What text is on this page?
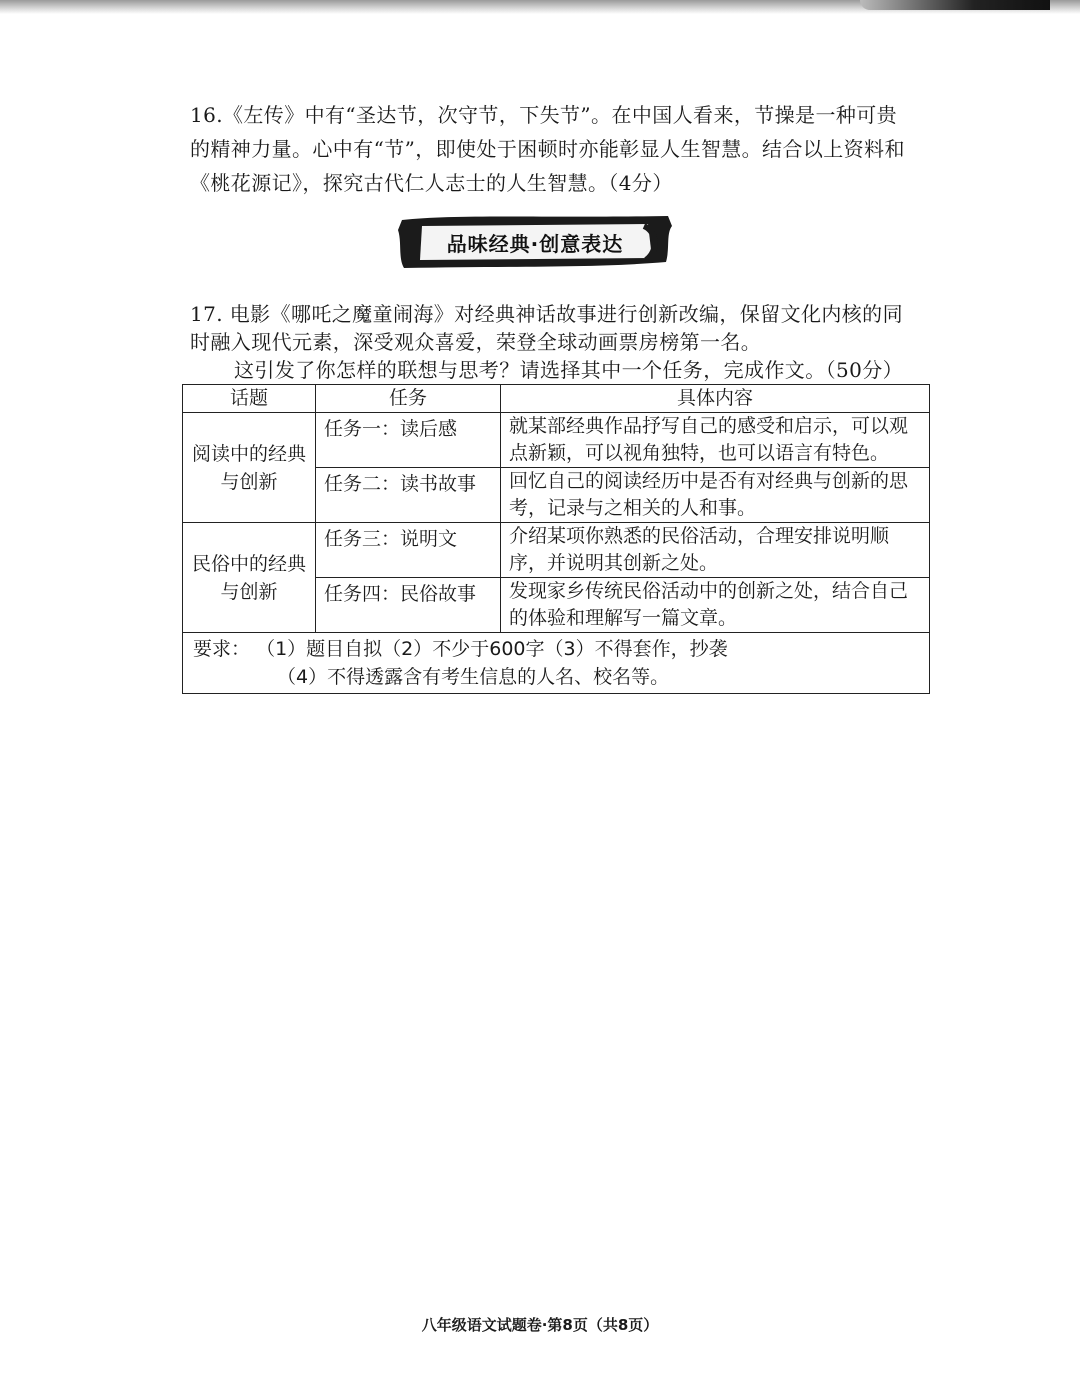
16.《左传》中有“圣达节，次守节，下失节”。在中国人看来，节操是一种可贵的精神力量。心中有“节”，即使处于困顿时亦能彰显人生智慧。结合以上资料和《桃花源记》，探究古代仁人志士的人生智慧。（4分）
品味经典·创意表达
17. 电影《哪吒之魔童闹海》对经典神话故事进行创新改编，保留文化内核的同时融入现代元素，深受观众喜爱，荣登全球动画票房榜第一名。
这引发了你怎样的联想与思考？请选择其中一个任务，完成作文。（50分）
话题	任务	具体内容
阅读中的经典与创新	任务一：读后感	就某部经典作品抒写自己的感受和启示，可以观点新颖，可以视角独特，也可以语言有特色。
	任务二：读书故事	回忆自己的阅读经历中是否有对经典与创新的思考，记录与之相关的人和事。
民俗中的经典与创新	任务三：说明文	介绍某项你熟悉的民俗活动，合理安排说明顺序，并说明其创新之处。
	任务四：民俗故事	发现家乡传统民俗活动中的创新之处，结合自己的体验和理解写一篇文章。
要求： （1）题目自拟（2）不少于600字（3）不得套作，抄袭
（4）不得透露含有考生信息的人名、校名等。		
八年级语文试题卷·第8页（共8页）
